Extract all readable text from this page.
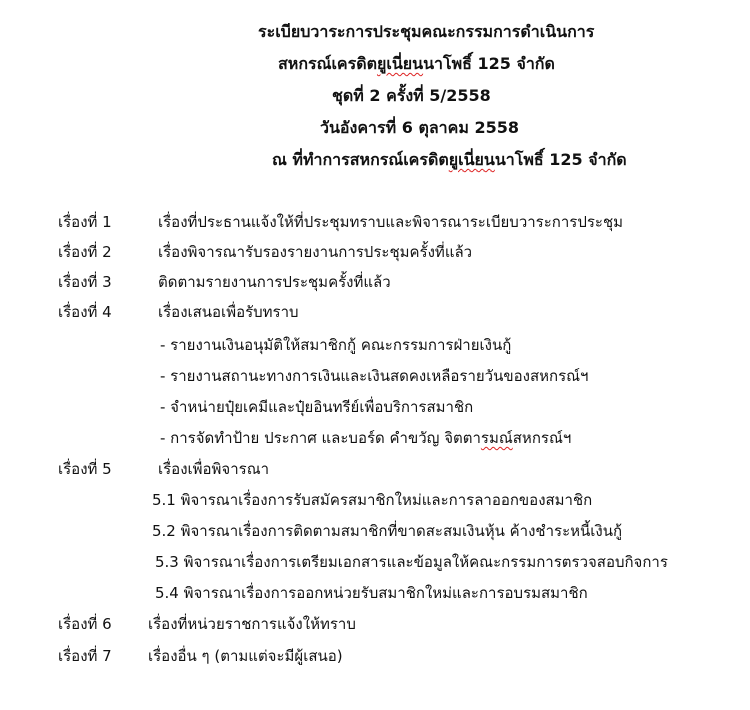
ระเบียบวาระการประชุมคณะกรรมการดำเนินการ
สหกรณ์เครดิตยูเนี่ยนนาโพธิ์ 125 จำกัด
ชุดที่ 2 ครั้งที่ 5/2558
วันอังคารที่ 6 ตุลาคม 2558
ณ ที่ทำการสหกรณ์เครดิตยูเนี่ยนนาโพธิ์ 125 จำกัด
เรื่องที่ 1	เรื่องที่ประธานแจ้งให้ที่ประชุมทราบและพิจารณาระเบียบวาระการประชุม
เรื่องที่ 2	เรื่องพิจารณารับรองรายงานการประชุมครั้งที่แล้ว
เรื่องที่ 3	ติดตามรายงานการประชุมครั้งที่แล้ว
เรื่องที่ 4	เรื่องเสนอเพื่อรับทราบ
- รายงานเงินอนุมัติให้สมาชิกกู้ คณะกรรมการฝ่ายเงินกู้
- รายงานสถานะทางการเงินและเงินสดคงเหลือรายวันของสหกรณ์ฯ
- จำหน่ายปุ๋ยเคมีและปุ๋ยอินทรีย์เพื่อบริการสมาชิก
- การจัดทำป้าย ประกาศ และบอร์ด คำขวัญ จิตตารมณ์สหกรณ์ฯ
เรื่องที่ 5	เรื่องเพื่อพิจารณา
5.1 พิจารณาเรื่องการรับสมัครสมาชิกใหม่และการลาออกของสมาชิก
5.2 พิจารณาเรื่องการติดตามสมาชิกที่ขาดสะสมเงินหุ้น ค้างชำระหนี้เงินกู้
5.3 พิจารณาเรื่องการเตรียมเอกสารและข้อมูลให้คณะกรรมการตรวจสอบกิจการ
5.4 พิจารณาเรื่องการออกหน่วยรับสมาชิกใหม่และการอบรมสมาชิก
เรื่องที่ 6 เรื่องที่หน่วยราชการแจ้งให้ทราบ
เรื่องที่ 7 เรื่องอื่น ๆ (ตามแต่จะมีผู้เสนอ)
